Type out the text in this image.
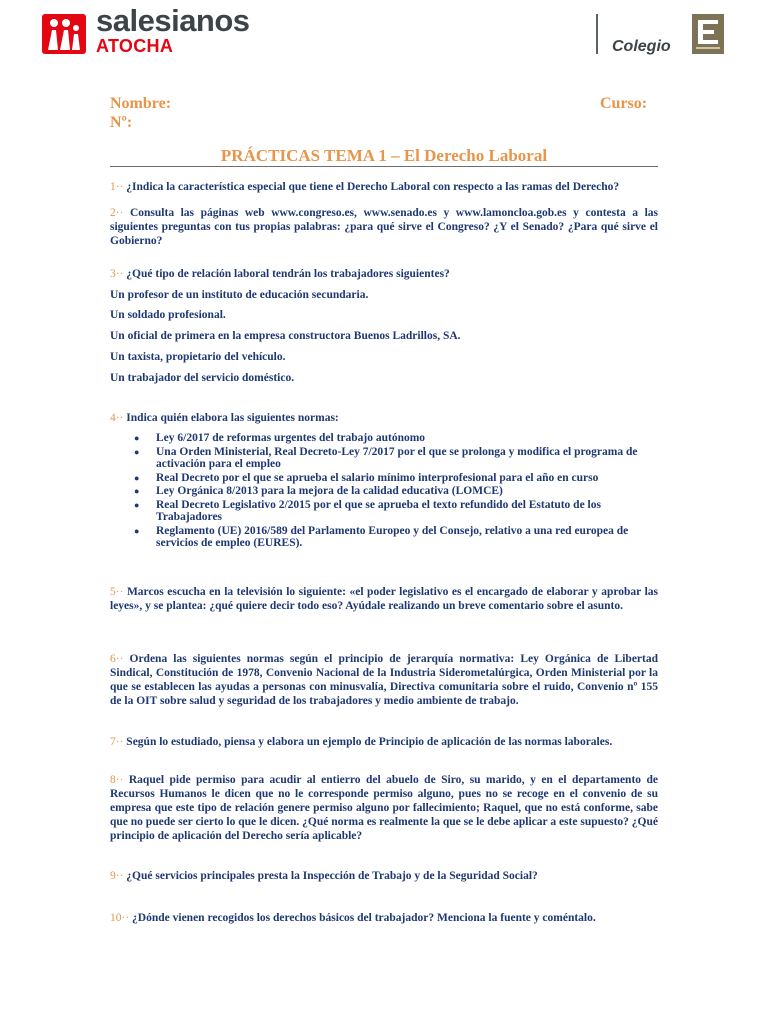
salesianos
ATOCHA	Colegio
Nombre:	Curso:
Nº:
PRÁCTICAS TEMA 1 – El Derecho Laboral
1·· ¿Indica la característica especial que tiene el Derecho Laboral con respecto a las ramas del Derecho?
2·· Consulta las páginas web www.congreso.es, www.senado.es y www.lamoncloa.gob.es y contesta a las siguientes preguntas con tus propias palabras: ¿para qué sirve el Congreso? ¿Y el Senado? ¿Para qué sirve el Gobierno?
3·· ¿Qué tipo de relación laboral tendrán los trabajadores siguientes?
Un profesor de un instituto de educación secundaria.
Un soldado profesional.
Un oficial de primera en la empresa constructora Buenos Ladrillos, SA.
Un taxista, propietario del vehículo.
Un trabajador del servicio doméstico.
4·· Indica quién elabora las siguientes normas:
● Ley 6/2017 de reformas urgentes del trabajo autónomo
● Una Orden Ministerial, Real Decreto-Ley 7/2017 por el que se prolonga y modifica el programa de activación para el empleo
● Real Decreto por el que se aprueba el salario mínimo interprofesional para el año en curso
● Ley Orgánica 8/2013 para la mejora de la calidad educativa (LOMCE)
● Real Decreto Legislativo 2/2015 por el que se aprueba el texto refundido del Estatuto de los Trabajadores
● Reglamento (UE) 2016/589 del Parlamento Europeo y del Consejo, relativo a una red europea de servicios de empleo (EURES).
5·· Marcos escucha en la televisión lo siguiente: «el poder legislativo es el encargado de elaborar y aprobar las leyes», y se plantea: ¿qué quiere decir todo eso? Ayúdale realizando un breve comentario sobre el asunto.
6·· Ordena las siguientes normas según el principio de jerarquía normativa: Ley Orgánica de Libertad Sindical, Constitución de 1978, Convenio Nacional de la Industria Siderometalúrgica, Orden Ministerial por la que se establecen las ayudas a personas con minusvalía, Directiva comunitaria sobre el ruido, Convenio nº 155 de la OIT sobre salud y seguridad de los trabajadores y medio ambiente de trabajo.
7·· Según lo estudiado, piensa y elabora un ejemplo de Principio de aplicación de las normas laborales.
8·· Raquel pide permiso para acudir al entierro del abuelo de Siro, su marido, y en el departamento de Recursos Humanos le dicen que no le corresponde permiso alguno, pues no se recoge en el convenio de su empresa que este tipo de relación genere permiso alguno por fallecimiento; Raquel, que no está conforme, sabe que no puede ser cierto lo que le dicen. ¿Qué norma es realmente la que se le debe aplicar a este supuesto? ¿Qué principio de aplicación del Derecho sería aplicable?
9·· ¿Qué servicios principales presta la Inspección de Trabajo y de la Seguridad Social?
10·· ¿Dónde vienen recogidos los derechos básicos del trabajador? Menciona la fuente y coméntalo.
